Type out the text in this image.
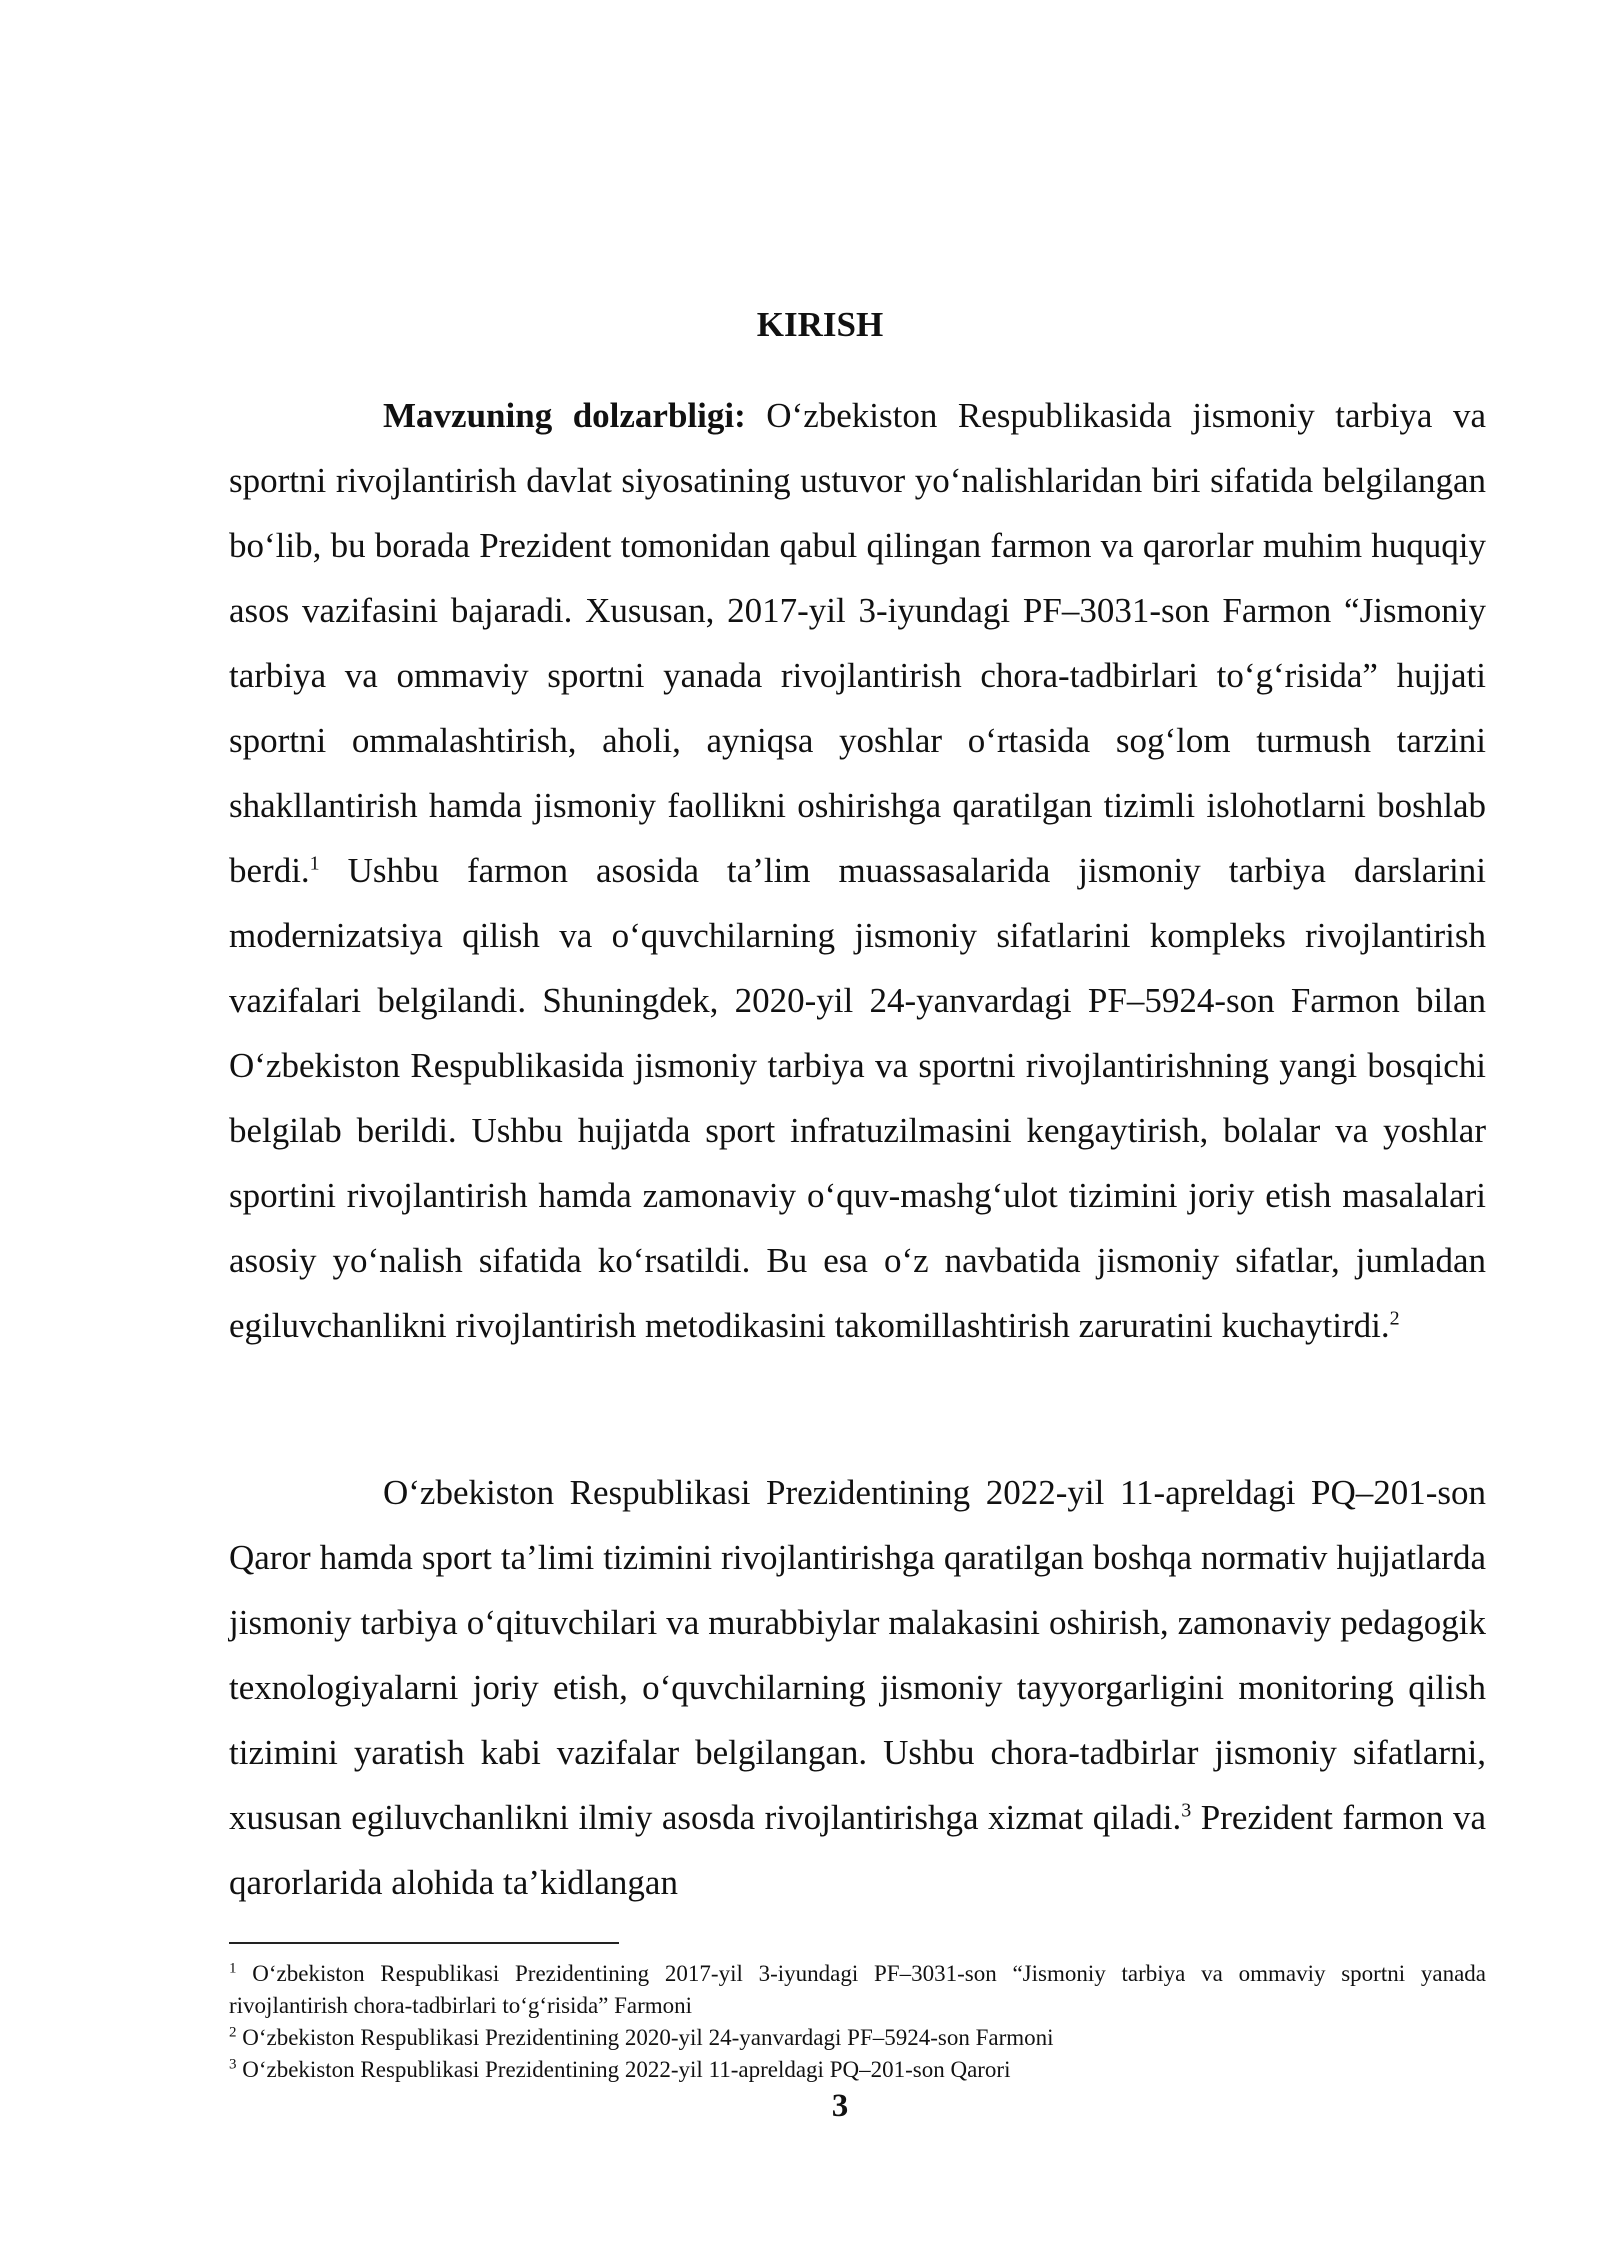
KIRISH

Mavzuning dolzarbligi: O‘zbekiston Respublikasida jismoniy tarbiya va sportni rivojlantirish davlat siyosatining ustuvor yo‘nalishlaridan biri sifatida belgilangan bo‘lib, bu borada Prezident tomonidan qabul qilingan farmon va qarorlar muhim huquqiy asos vazifasini bajaradi. Xususan, 2017-yil 3-iyundagi PF–3031-son Farmon “Jismoniy tarbiya va ommaviy sportni yanada rivojlantirish chora-tadbirlari to‘g‘risida” hujjati sportni ommalashtirish, aholi, ayniqsa yoshlar o‘rtasida sog‘lom turmush tarzini shakllantirish hamda jismoniy faollikni oshirishga qaratilgan tizimli islohotlarni boshlab berdi.$^1$ Ushbu farmon asosida ta’lim muassasalarida jismoniy tarbiya darslarini modernizatsiya qilish va o‘quvchilarning jismoniy sifatlarini kompleks rivojlantirish vazifalari belgilandi. Shuningdek, 2020-yil 24-yanvardagi PF–5924-son Farmon bilan O‘zbekiston Respublikasida jismoniy tarbiya va sportni rivojlantirishning yangi bosqichi belgilab berildi. Ushbu hujjatda sport infratuzilmasini kengaytirish, bolalar va yoshlar sportini rivojlantirish hamda zamonaviy o‘quv-mashg‘ulot tizimini joriy etish masalalari asosiy yo‘nalish sifatida ko‘rsatildi. Bu esa o‘z navbatida jismoniy sifatlar, jumladan egiluvchanlikni rivojlantirish metodikasini takomillashtirish zaruratini kuchaytirdi.$^2$

O‘zbekiston Respublikasi Prezidentining 2022-yil 11-apreldagi PQ–201-son Qaror hamda sport ta’limi tizimini rivojlantirishga qaratilgan boshqa normativ hujjatlarda jismoniy tarbiya o‘qituvchilari va murabbiylar malakasini oshirish, zamonaviy pedagogik texnologiyalarni joriy etish, o‘quvchilarning jismoniy tayyorgarligini monitoring qilish tizimini yaratish kabi vazifalar belgilangan. Ushbu chora-tadbirlar jismoniy sifatlarni, xususan egiluvchanlikni ilmiy asosda rivojlantirishga xizmat qiladi.$^3$ Prezident farmon va qarorlarida alohida ta’kidlangan

$^1$ O‘zbekiston Respublikasi Prezidentining 2017-yil 3-iyundagi PF–3031-son “Jismoniy tarbiya va ommaviy sportni yanada rivojlantirish chora-tadbirlari to‘g‘risida” Farmoni

$^2$ O‘zbekiston Respublikasi Prezidentining 2020-yil 24-yanvardagi PF–5924-son Farmoni

$^3$ O‘zbekiston Respublikasi Prezidentining 2022-yil 11-apreldagi PQ–201-son Qarori

3
